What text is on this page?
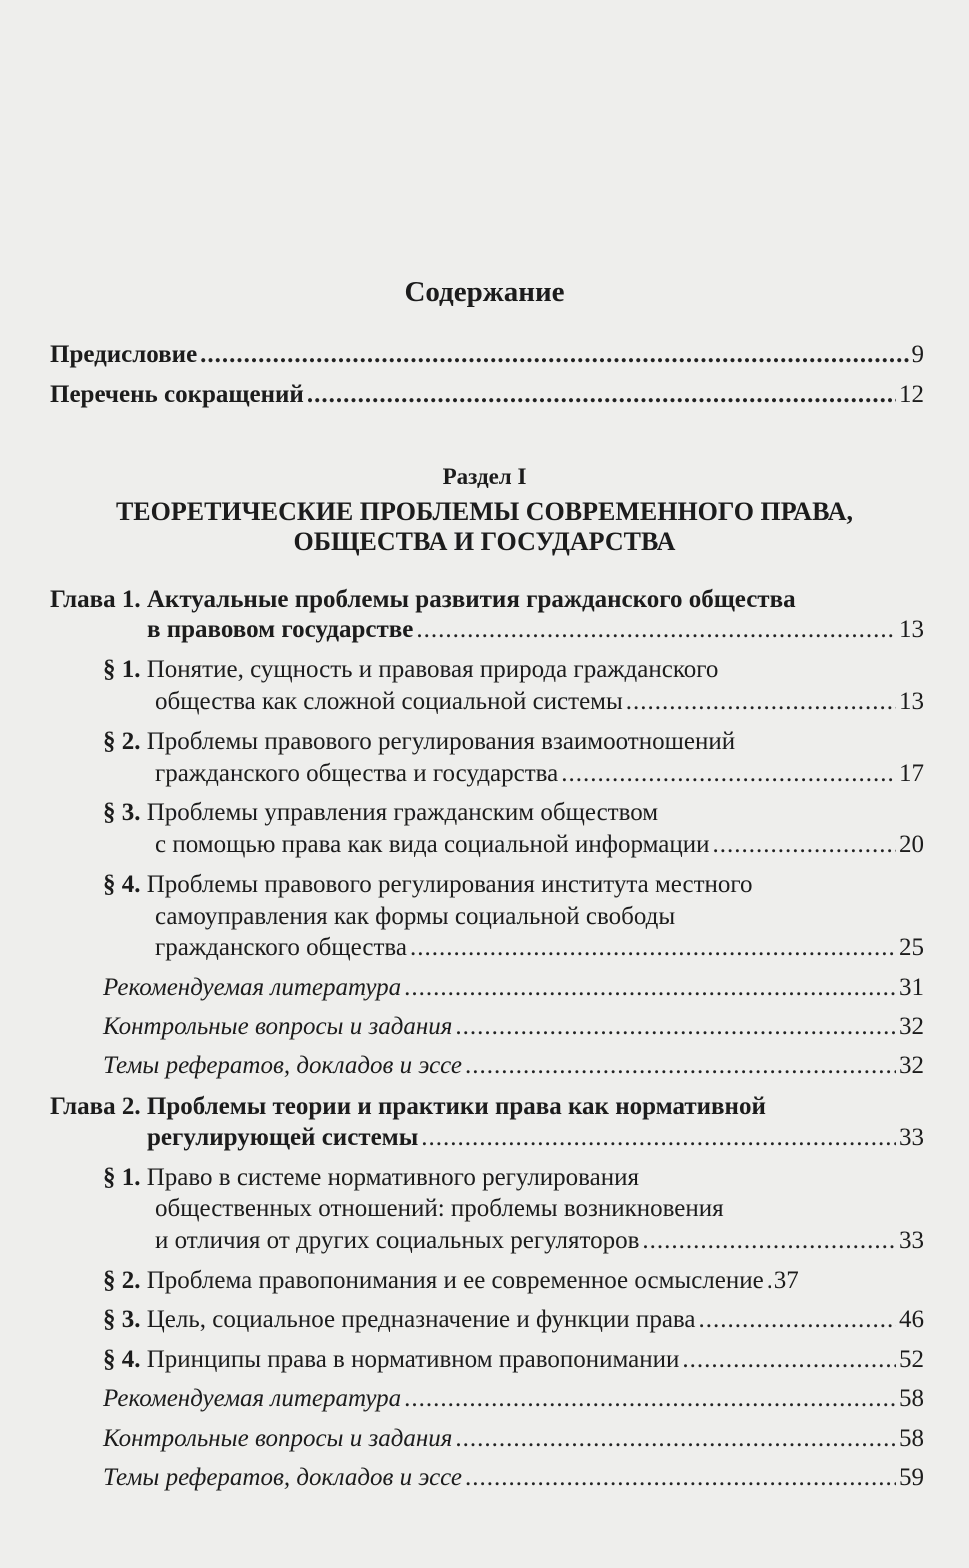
Содержание
Предисловие .....	9
Перечень сокращений .....	12
Раздел I
ТЕОРЕТИЧЕСКИЕ ПРОБЛЕМЫ СОВРЕМЕННОГО ПРАВА,
ОБЩЕСТВА И ГОСУДАРСТВА
Глава 1. Актуальные проблемы развития гражданского общества
в правовом государстве .....	13
§ 1. Понятие, сущность и правовая природа гражданского
общества как сложной социальной системы .....	13
§ 2. Проблемы правового регулирования взаимоотношений
гражданского общества и государства .....	17
§ 3. Проблемы управления гражданским обществом
с помощью права как вида социальной информации .....	20
§ 4. Проблемы правового регулирования института местного
самоуправления как формы социальной свободы
гражданского общества .....	25
Рекомендуемая литература .....	31
Контрольные вопросы и задания .....	32
Темы рефератов, докладов и эссе .....	32
Глава 2. Проблемы теории и практики права как нормативной
регулирующей системы .....	33
§ 1. Право в системе нормативного регулирования
общественных отношений: проблемы возникновения
и отличия от других социальных регуляторов .....	33
§ 2. Проблема правопонимания и ее современное осмысление ..... 37
§ 3. Цель, социальное предназначение и функции права .....	46
§ 4. Принципы права в нормативном правопонимании .....	52
Рекомендуемая литература .....	58
Контрольные вопросы и задания .....	58
Темы рефератов, докладов и эссе .....	59
